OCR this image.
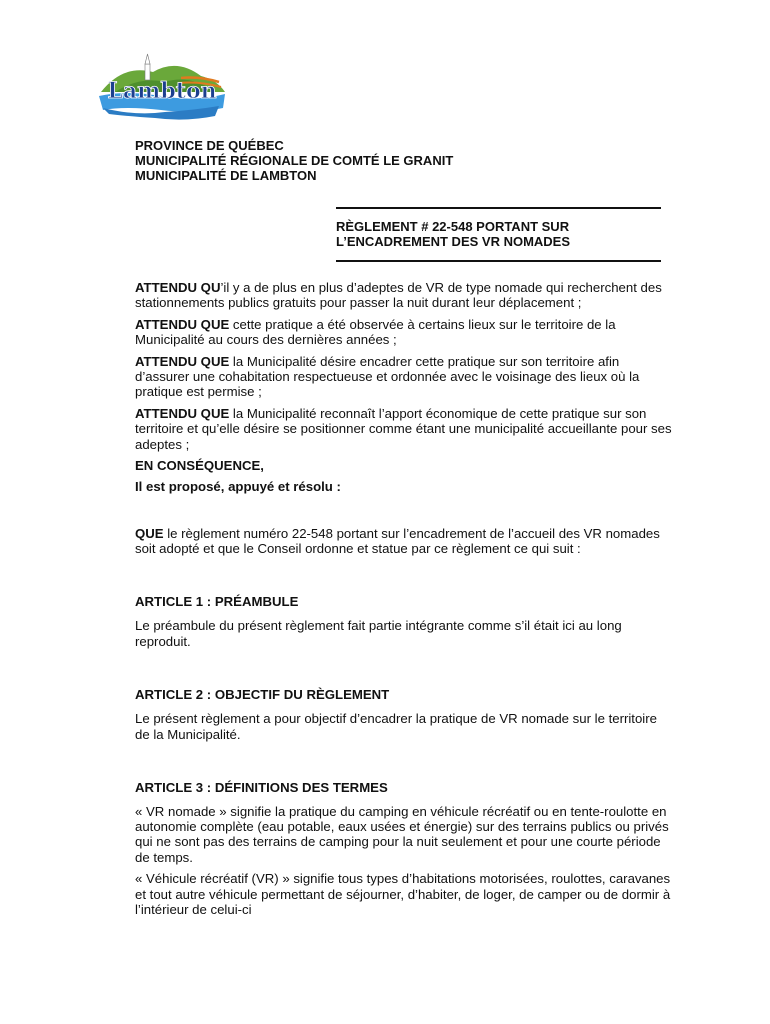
Lambton
PROVINCE DE QUÉBEC
MUNICIPALITÉ RÉGIONALE DE COMTÉ LE GRANIT
MUNICIPALITÉ DE LAMBTON
RÈGLEMENT # 22-548 PORTANT SUR
L’ENCADREMENT DES VR NOMADES

ATTENDU QU’il y a de plus en plus d’adeptes de VR de type nomade qui recherchent des stationnements publics gratuits pour passer la nuit durant leur déplacement ;

ATTENDU QUE cette pratique a été observée à certains lieux sur le territoire de la Municipalité au cours des dernières années ;

ATTENDU QUE la Municipalité désire encadrer cette pratique sur son territoire afin d’assurer une cohabitation respectueuse et ordonnée avec le voisinage des lieux où la pratique est permise ;

ATTENDU QUE la Municipalité reconnaît l’apport économique de cette pratique sur son territoire et qu’elle désire se positionner comme étant une municipalité accueillante pour ses adeptes ;

EN CONSÉQUENCE,

Il est proposé, appuyé et résolu :

QUE le règlement numéro 22-548 portant sur l’encadrement de l’accueil des VR nomades soit adopté et que le Conseil ordonne et statue par ce règlement ce qui suit :

ARTICLE 1 : PRÉAMBULE

Le préambule du présent règlement fait partie intégrante comme s’il était ici au long reproduit.

ARTICLE 2 : OBJECTIF DU RÈGLEMENT

Le présent règlement a pour objectif d’encadrer la pratique de VR nomade sur le territoire de la Municipalité.

ARTICLE 3 : DÉFINITIONS DES TERMES

« VR nomade » signifie la pratique du camping en véhicule récréatif ou en tente-roulotte en autonomie complète (eau potable, eaux usées et énergie) sur des terrains publics ou privés qui ne sont pas des terrains de camping pour la nuit seulement et pour une courte période de temps.

« Véhicule récréatif (VR) » signifie tous types d’habitations motorisées, roulottes, caravanes et tout autre véhicule permettant de séjourner, d’habiter, de loger, de camper ou de dormir à l’intérieur de celui-ci
